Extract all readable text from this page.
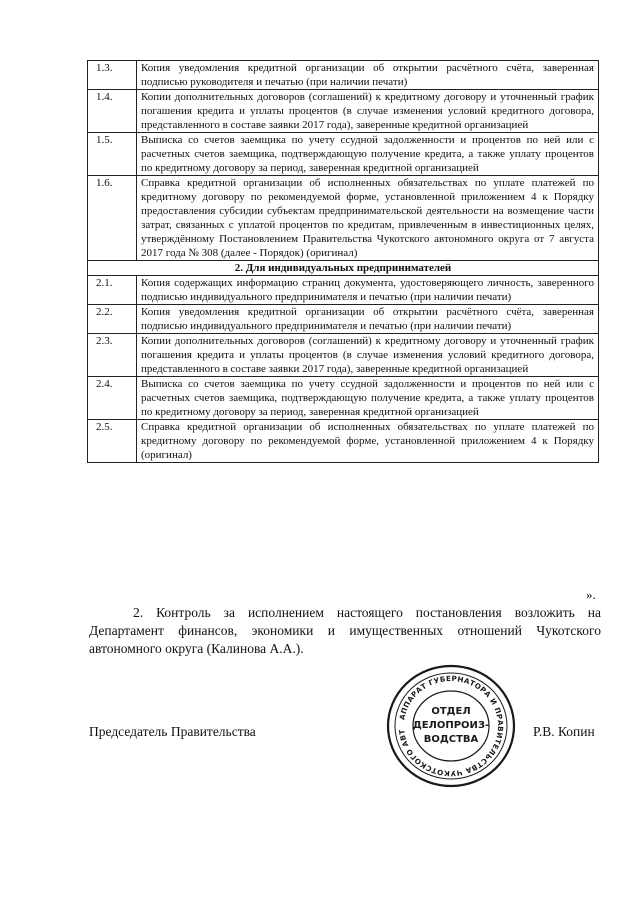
1.3.	Копия уведомления кредитной организации об открытии расчётного счёта, заверенная подписью руководителя и печатью (при наличии печати)
1.4.	Копии дополнительных договоров (соглашений) к кредитному договору и уточненный график погашения кредита и уплаты процентов (в случае изменения условий кредитного договора, представленного в составе заявки 2017 года), заверенные кредитной организацией
1.5.	Выписка со счетов заемщика по учету ссудной задолженности и процентов по ней или с расчетных счетов заемщика, подтверждающую получение кредита, а также уплату процентов по кредитному договору за период, заверенная кредитной организацией
1.6.	Справка кредитной организации об исполненных обязательствах по уплате платежей по кредитному договору по рекомендуемой форме, установленной приложением 4 к Порядку предоставления субсидии субъектам предпринимательской деятельности на возмещение части затрат, связанных с уплатой процентов по кредитам, привлеченным в инвестиционных целях, утверждённому Постановлением Правительства Чукотского автономного округа от 7 августа 2017 года № 308 (далее - Порядок) (оригинал)
2. Для индивидуальных предпринимателей	
2.1.	Копия содержащих информацию страниц документа, удостоверяющего личность, заверенного подписью индивидуального предпринимателя и печатью (при наличии печати)
2.2.	Копия уведомления кредитной организации об открытии расчётного счёта, заверенная подписью индивидуального предпринимателя и печатью (при наличии печати)
2.3.	Копии дополнительных договоров (соглашений) к кредитному договору и уточненный график погашения кредита и уплаты процентов (в случае изменения условий кредитного договора, представленного в составе заявки 2017 года), заверенные кредитной организацией
2.4.	Выписка со счетов заемщика по учету ссудной задолженности и процентов по ней или с расчетных счетов заемщика, подтверждающую получение кредита, а также уплату процентов по кредитному договору за период, заверенная кредитной организацией
2.5.	Справка кредитной организации об исполненных обязательствах по уплате платежей по кредитному договору по рекомендуемой форме, установленной приложением 4 к Порядку (оригинал)
».
2. Контроль за исполнением настоящего постановления возложить на Департамент финансов, экономики и имущественных отношений Чукотского автономного округа (Калинова А.А.).
Председатель Правительства	Р.В. Копин
АППАРАТ ГУБЕРНАТОРА И ПРАВИТЕЛЬСТВА ЧУКОТСКОГО АВТ
ОТДЕЛ
ДЕЛОПРОИЗ-
ВОДСТВА
